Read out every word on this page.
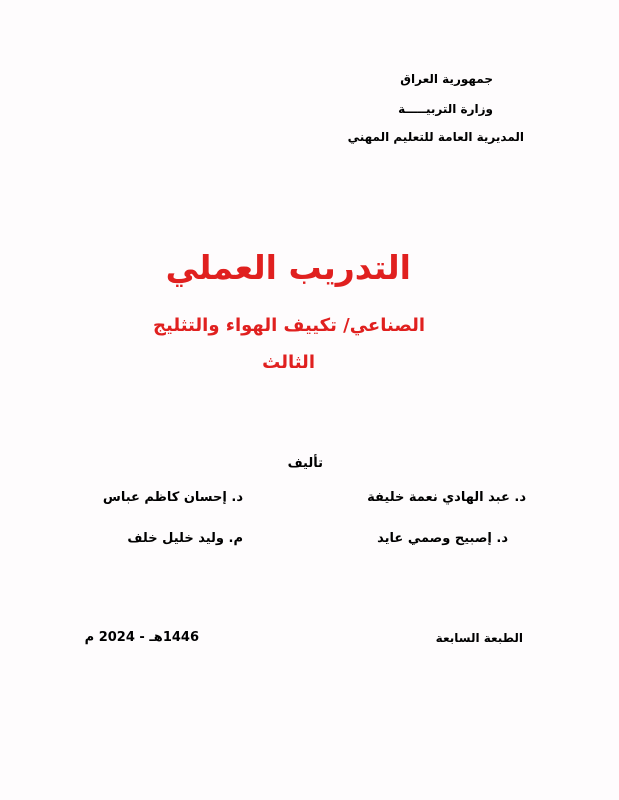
جمهورية العراق
وزارة التربيـــــة
المديرية العامة للتعليم المهني
التدريب العملي
الصناعي/ تكييف الهواء والتثليج
الثالث
تأليف
د. عبد الهادي نعمة خليفة
د. إحسان كاظم عباس
د. إصبيح وصمي عايد
م. وليد خليل خلف
الطبعة السابعة
1446هـ - 2024 م
